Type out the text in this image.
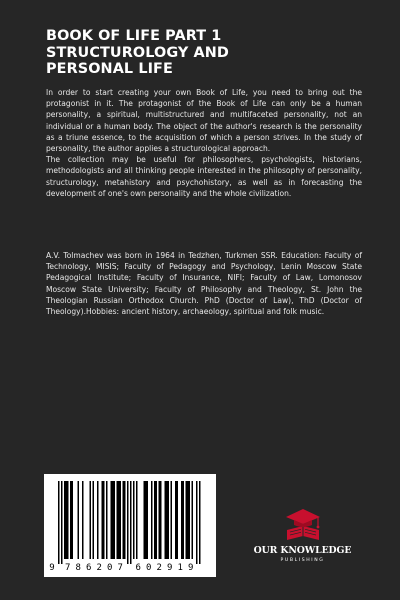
BOOK OF LIFE PART 1
STRUCTUROLOGY AND
PERSONAL LIFE

In order to start creating your own Book of Life, you need to bring out the protagonist in it. The protagonist of the Book of Life can only be a human personality, a spiritual, multistructured and multifaceted personality, not an individual or a human body. The object of the author's research is the personality as a triune essence, to the acquisition of which a person strives. In the study of personality, the author applies a structurological approach.

The collection may be useful for philosophers, psychologists, historians, methodologists and all thinking people interested in the philosophy of personality, structurology, metahistory and psychohistory, as well as in forecasting the development of one's own personality and the whole civilization.

A.V. Tolmachev was born in 1964 in Tedzhen, Turkmen SSR. Education: Faculty of Technology, MISIS; Faculty of Pedagogy and Psychology, Lenin Moscow State Pedagogical Institute; Faculty of Insurance, NIFI; Faculty of Law, Lomonosov Moscow State University; Faculty of Philosophy and Theology, St. John the Theologian Russian Orthodox Church. PhD (Doctor of Law), ThD (Doctor of Theology).Hobbies: ancient history, archaeology, spiritual and folk music.

9 7 8 6 2 0 7 6 0 2 9 1 9
OUR KNOWLEDGE
PUBLISHING
